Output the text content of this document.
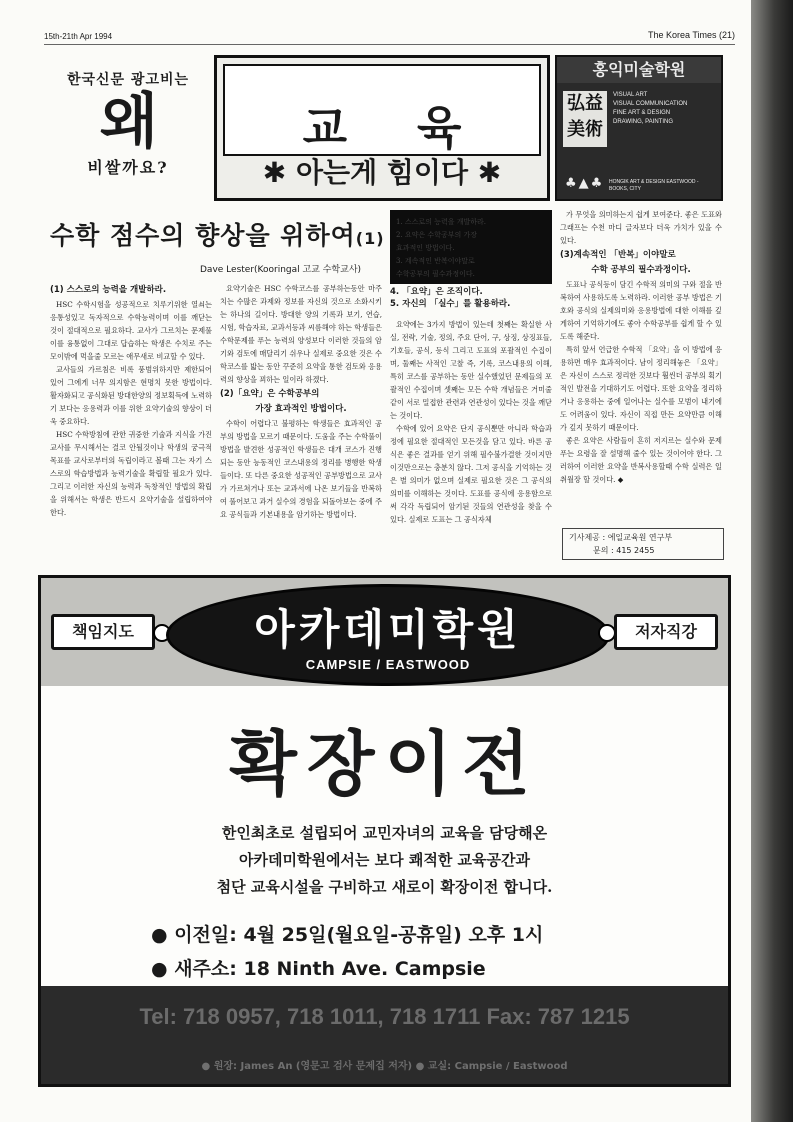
15th-21th Apr 1994	The Korea Times (21)
한국신문 광고비는
왜
비쌀까요?
교육
✱ 아는게 힘이다 ✱
홍익미술학원
弘益美術
VISUAL ART
VISUAL COMMUNICATION
FINE ART & DESIGN
DRAWING, PAINTING
♣▲♣ HONGIK ART & DESIGN EASTWOOD - BOOKS, CITY
수학 점수의 향상을 위하여(1)
Dave Lester(Kooringal 고교 수학교사)
1. 스스로의 능력을 개발하라.
2. 요약은 수학공부의 가장
효과적인 방법이다.
3. 계속적인 반복이야말로
수학공부의 필수과정이다.
4. 「요약」은 조직이다.
5. 자신의 「실수」를 활용하라.
(1) 스스로의 능력을 개발하라.

HSC 수학시험을 성공적으로 치루기위한 열쇠는 응통성있고 독자적으로 수학능력이며 이를 깨닫는 것이 절대적으로 필요하다. 교사가 그르치는 문제풀이를 융통없이 그대로 답습하는 학생은 수치로 주는 모이밖에 먹을줄 모르는 애무새로 비교할 수 있다.

교사들의 가르침은 비록 풍범위하지만 제한되어 있어 그에게 너무 의지함은 현명치 못한 방법이다. 활자화되고 공식화된 방대한양의 정보획득에 노력하기 보다는 응용력과 이를 위한 요약기술의 향상이 더욱 중요하다.

HSC 수학방침에 관한 귀중한 기술과 지식을 가진 교사를 무시해서는 결코 안될것이나 학생의 궁극적 목표를 교사로부터의 독립이라고 볼때 그는 자기 스스로의 학습방법과 능력기술을 확립할 필요가 있다. 그리고 이러한 자신의 능력과 독창적인 방법의 확립을 위해서는 학생은 반드시 요약기술을 설립하여야 한다.

요약기술은 HSC 수학코스를 공부하는동안 마주치는 수많은 과제와 정보를 자신의 것으로 소화시키는 하나의 길이다. 방대한 양의 기록과 보기, 연습, 시험, 학습자료, 교과서등과 씨름해야 하는 학생들은 수학문제를 푸는 능력의 양성보다 이러한 것들의 암기와 검토에 매달리기 쉬우나 실제로 중요한 것은 수학코스를 밟는 동안 꾸준히 요약을 통한 검토와 응용력의 향상을 꾀하는 일이라 하겠다.

(2)「요약」은 수학공부의
가장 효과적인 방법이다.

수학이 어렵다고 불평하는 학생들은 효과적인 공부의 방법을 모르기 때문이다. 도움을 주는 수학풀이방법을 발견한 성공적인 학생들은 대개 코스가 진행되는 동안 능동적인 코스내용의 정리를 병행한 학생들이다. 또 다른 중요한 성공적인 공부방법으로 교사가 가르쳐거나 또는 교과서에 나온 보기들을 반복하여 풀어보고 과거 실수의 경험을 되돌아보는 중에 주요 공식들과 기본내용을 암기하는 방법이다.

요약에는 3가지 방법이 있는데 첫째는 확실한 사실, 전략, 기술, 정의, 주요 단어, 구, 상징, 상징표들, 기호들, 공식, 등식 그리고 도표의 포괄적인 수집이며, 둘째는 사적인 고찰 즉, 기록, 코스내용의 이해, 특히 코스를 공부하는 동안 실수했었던 문제들의 포괄적인 수집이며 셋째는 모든 수학 개념들은 거미줄 같이 서로 밀접한 관련과 연관성이 있다는 것을 깨닫는 것이다.

수학에 있어 요약은 단지 공식뿐만 아니라 학습과정에 필요한 절대적인 모든것을 담고 있다. 바른 공식은 좋은 결과를 얻기 위해 필수불가결한 것이지만 이것만으로는 충분치 않다. 그저 공식을 기억하는 것은 별 의미가 없으며 실제로 필요한 것은 그 공식의 의미를 이해하는 것이다. 도표를 공식에 응용함으로써 각각 독립되어 암기된 것들의 연관성을 찾을 수 있다. 실제로 도표는 그 공식자체

가 무엇을 의미하는지 쉽게 보여준다. 좋은 도표와 그래프는 수천 마디 글자보다 더욱 가치가 있을 수 있다.

(3)계속적인 「반복」이야말로
수학 공부의 필수과정이다.

도표나 공식등이 담긴 수학적 의미의 구와 절을 반복하여 사용하도록 노력하라. 이러한 공부 방법은 기호와 공식의 실제의미와 응용방법에 대한 이해를 깊게하여 기억하기에도 좋아 수학공부를 쉽게 할 수 있도록 해준다.

특히 앞서 언급한 수학적 「요약」을 이 방법에 응용하면 매우 효과적이다. 남이 정리해놓은 「요약」은 자신이 스스로 정리한 것보다 훨씬더 공부의 획기적인 발전을 기대하기도 어렵다. 또한 요약을 정리하거나 응용하는 중에 일어나는 실수를 모범이 내기에도 어려움이 있다. 자신이 직접 만든 요약만큼 이해가 깊지 못하기 때문이다.

좋은 요약은 사람들이 흔히 저지르는 실수와 문제푸는 요령을 잘 설명해 줄수 있는 것이어야 한다. 그러하여 이러한 요약을 반복사용할때 수학 실력은 일취월장 할 것이다. ◆

기사제공 : 에일교육원 연구부
문의 : 415 2455
책임지도	아카데미학원
CAMPSIE / EASTWOOD
저자직강
확장이전
한인최초로 설립되어 교민자녀의 교육을 담당해온
아카데미학원에서는 보다 쾌적한 교육공간과
첨단 교육시설을 구비하고 새로이 확장이전 합니다.
● 이전일: 4월 25일(월요일-공휴일) 오후 1시
● 새주소: 18 Ninth Ave. Campsie
Tel: 718 0957, 718 1011, 718 1711 Fax: 787 1215
● 원장: James An (영문고 검사 문제집 저자) ● 교실: Campsie / Eastwood
